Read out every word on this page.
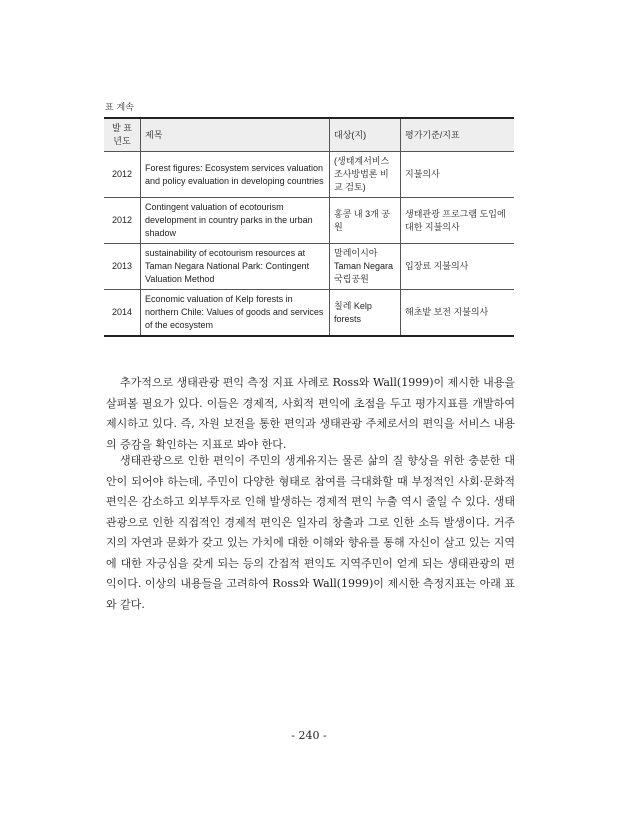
표 계속
발 표 년도	제목	대상(지)	평가기준/지표
2012	Forest figures: Ecosystem services valuation and policy evaluation in developing countries	(생태계서비스 조사방법론 비교 검토)	지불의사
2012	Contingent valuation of ecotourism development in country parks in the urban shadow	홍콩 내 3개 공원	생태관광 프로그램 도입에 대한 지불의사
2013	sustainability of ecotourism resources at Taman Negara National Park: Contingent Valuation Method	말레이시아 Taman Negara 국립공원	입장료 지불의사
2014	Economic valuation of Kelp forests in northern Chile: Values of goods and services of the ecosystem	칠레 Kelp forests	해초밭 보전 지불의사

추가적으로 생태관광 편익 측정 지표 사례로 Ross와 Wall(1999)이 제시한 내용을 살펴볼 필요가 있다. 이들은 경제적, 사회적 편익에 초점을 두고 평가지표를 개발하여 제시하고 있다. 즉, 자원 보전을 통한 편익과 생태관광 주체로서의 편익을 서비스 내용의 증감을 확인하는 지표로 봐야 한다.

생태관광으로 인한 편익이 주민의 생계유지는 물론 삶의 질 향상을 위한 충분한 대안이 되어야 하는데, 주민이 다양한 형태로 참여를 극대화할 때 부정적인 사회·문화적 편익은 감소하고 외부투자로 인해 발생하는 경제적 편익 누출 역시 줄일 수 있다. 생태관광으로 인한 직접적인 경제적 편익은 일자리 창출과 그로 인한 소득 발생이다. 거주지의 자연과 문화가 갖고 있는 가치에 대한 이해와 향유를 통해 자신이 살고 있는 지역에 대한 자긍심을 갖게 되는 등의 간접적 편익도 지역주민이 얻게 되는 생태관광의 편익이다. 이상의 내용들을 고려하여 Ross와 Wall(1999)이 제시한 측정지표는 아래 표와 같다.

- 240 -
